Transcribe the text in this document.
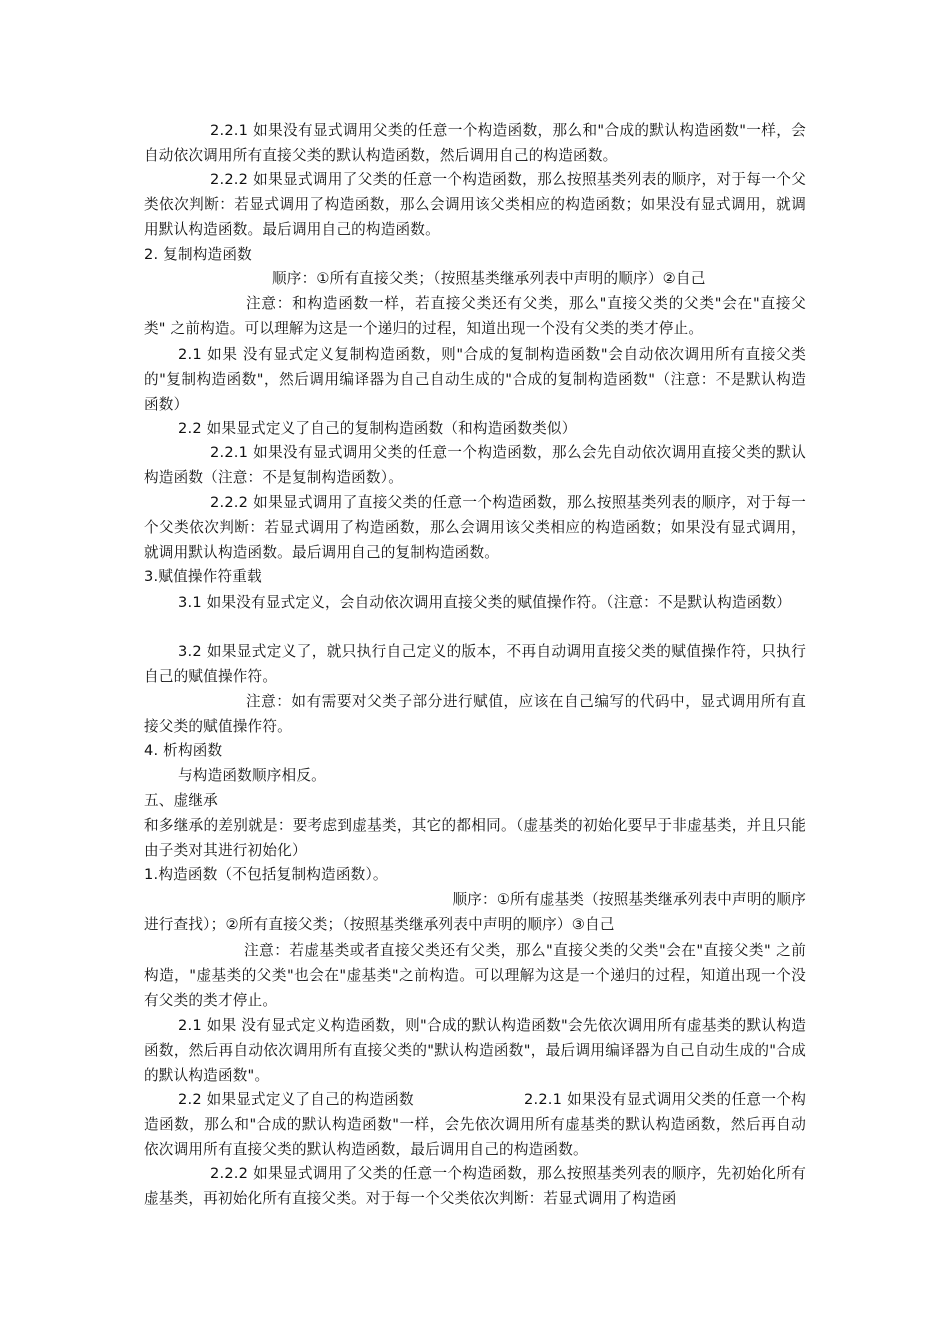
2.2.1 如果没有显式调用父类的任意一个构造函数，那么和"合成的默认构造函数"一样，会自动依次调用所有直接父类的默认构造函数，然后调用自己的构造函数。
2.2.2 如果显式调用了父类的任意一个构造函数，那么按照基类列表的顺序，对于每一个父类依次判断：若显式调用了构造函数，那么会调用该父类相应的构造函数；如果没有显式调用，就调用默认构造函数。最后调用自己的构造函数。
2. 复制构造函数
顺序：①所有直接父类；（按照基类继承列表中声明的顺序）②自己
注意：和构造函数一样，若直接父类还有父类，那么"直接父类的父类"会在"直接父类" 之前构造。可以理解为这是一个递归的过程，知道出现一个没有父类的类才停止。
2.1 如果 没有显式定义复制构造函数，则"合成的复制构造函数"会自动依次调用所有直接父类的"复制构造函数"，然后调用编译器为自己自动生成的"合成的复制构造函数"（注意：不是默认构造函数）
2.2 如果显式定义了自己的复制构造函数（和构造函数类似）
2.2.1 如果没有显式调用父类的任意一个构造函数，那么会先自动依次调用直接父类的默认构造函数（注意：不是复制构造函数）。
2.2.2 如果显式调用了直接父类的任意一个构造函数，那么按照基类列表的顺序，对于每一个父类依次判断：若显式调用了构造函数，那么会调用该父类相应的构造函数；如果没有显式调用，就调用默认构造函数。最后调用自己的复制构造函数。
3.赋值操作符重载
3.1 如果没有显式定义，会自动依次调用直接父类的赋值操作符。（注意：不是默认构造函数）
3.2 如果显式定义了，就只执行自己定义的版本，不再自动调用直接父类的赋值操作符，只执行自己的赋值操作符。
注意：如有需要对父类子部分进行赋值，应该在自己编写的代码中，显式调用所有直接父类的赋值操作符。
4. 析构函数
与构造函数顺序相反。
五、虚继承
和多继承的差别就是：要考虑到虚基类，其它的都相同。（虚基类的初始化要早于非虚基类，并且只能由子类对其进行初始化）
1.构造函数（不包括复制构造函数）。
顺序：①所有虚基类（按照基类继承列表中声明的顺序
进行查找）；②所有直接父类；（按照基类继承列表中声明的顺序）③自己
注意：若虚基类或者直接父类还有父类，那么"直接父类的父类"会在"直接父类" 之前构造，"虚基类的父类"也会在"虚基类"之前构造。可以理解为这是一个递归的过程，知道出现一个没有父类的类才停止。
2.1 如果 没有显式定义构造函数，则"合成的默认构造函数"会先依次调用所有虚基类的默认构造函数，然后再自动依次调用所有直接父类的"默认构造函数"，最后调用编译器为自己自动生成的"合成的默认构造函数"。
2.2 如果显式定义了自己的构造函数	2.2.1 如果没有显式调用父类的任意一个构造函数，那么和"合成的默认构造函数"一样，会先依次调用所有虚基类的默认构造函数，然后再自动依次调用所有直接父类的默认构造函数，最后调用自己的构造函数。
2.2.2 如果显式调用了父类的任意一个构造函数，那么按照基类列表的顺序，先初始化所有虚基类，再初始化所有直接父类。对于每一个父类依次判断：若显式调用了构造函
